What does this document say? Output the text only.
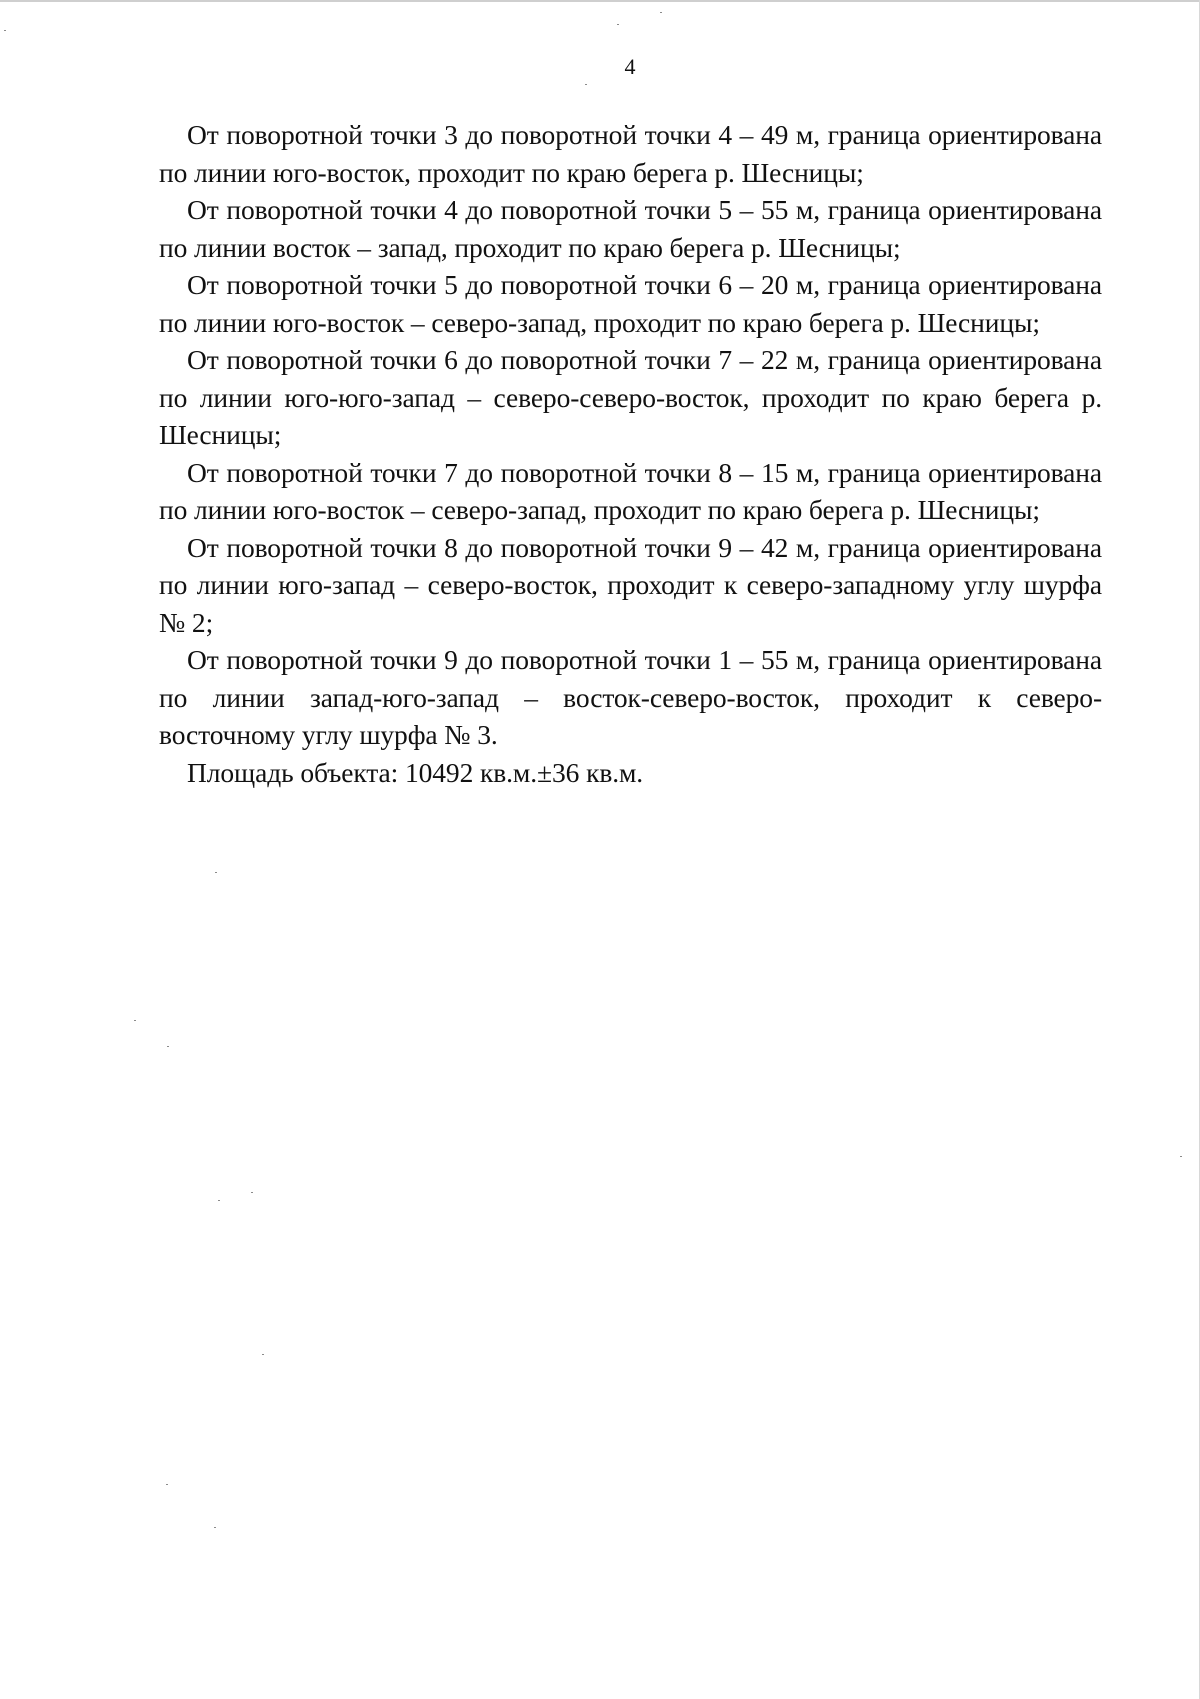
4

От поворотной точки 3 до поворотной точки 4 – 49 м, граница ориентирована по линии юго-восток, проходит по краю берега р. Шесницы;

От поворотной точки 4 до поворотной точки 5 – 55 м, граница ориентирована по линии восток – запад, проходит по краю берега р. Шесницы;

От поворотной точки 5 до поворотной точки 6 – 20 м, граница ориентирована по линии юго-восток – северо-запад, проходит по краю берега р. Шесницы;

От поворотной точки 6 до поворотной точки 7 – 22 м, граница ориентирована по линии юго-юго-запад – северо-северо-восток, проходит по краю берега р. Шесницы;

От поворотной точки 7 до поворотной точки 8 – 15 м, граница ориентирована по линии юго-восток – северо-запад, проходит по краю берега р. Шесницы;

От поворотной точки 8 до поворотной точки 9 – 42 м, граница ориентирована по линии юго-запад – северо-восток, проходит к северо-западному углу шурфа № 2;

От поворотной точки 9 до поворотной точки 1 – 55 м, граница ориентирована по линии запад-юго-запад – восток-северо-восток, проходит к северо-восточному углу шурфа № 3.

Площадь объекта: 10492 кв.м.±36 кв.м.
